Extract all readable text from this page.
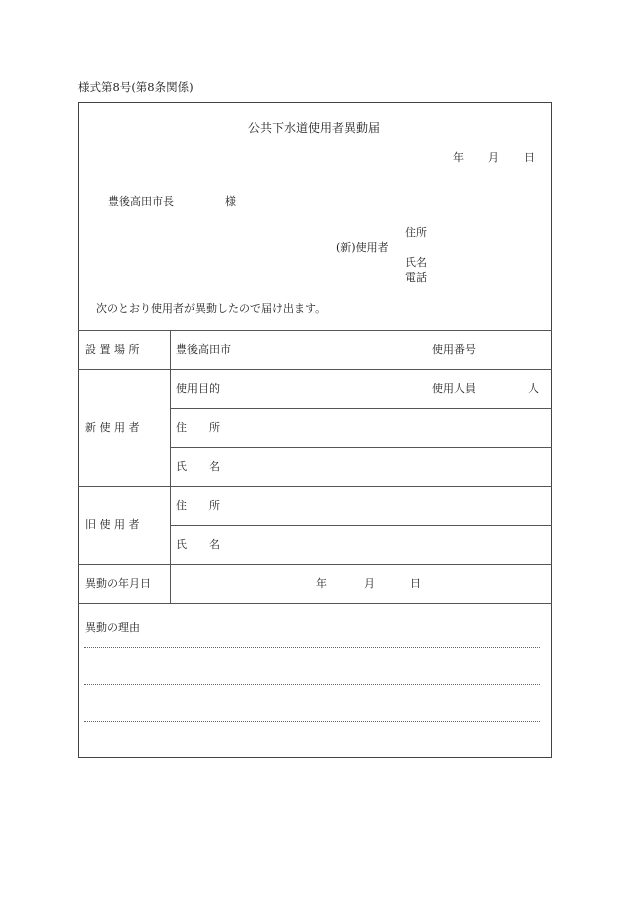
様式第8号(第8条関係)
公共下水道使用者異動届
年 月 日
豊後高田市長	様
住所
(新)使用者
氏名
電話
次のとおり使用者が異動したので届け出ます。
設 置 場 所	豊後高田市	使用番号
新 使 用 者
使用目的	使用人員	人
住　　所
氏　　名
旧 使 用 者
住　　所
氏　　名
異動の年月日	年	月	日
異動の理由
